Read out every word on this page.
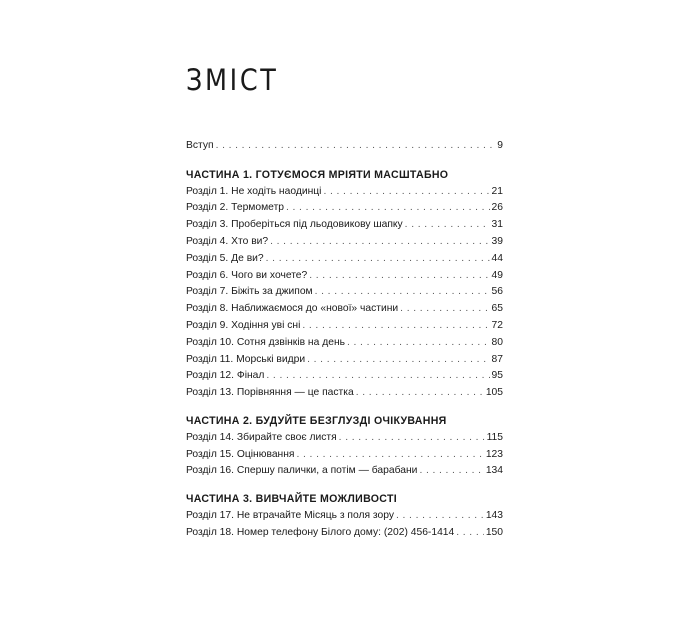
ЗМІСТ
Вступ . . .	9
ЧАСТИНА 1. ГОТУЄМОСЯ МРІЯТИ МАСШТАБНО
Розділ 1. Не ходіть наодинці . . .	21
Розділ 2. Термометр . . .	26
Розділ 3. Проберіться під льодовикову шапку . . .	31
Розділ 4. Хто ви? . . .	39
Розділ 5. Де ви? . . .	44
Розділ 6. Чого ви хочете? . . .	49
Розділ 7. Біжіть за джипом . . .	56
Розділ 8. Наближаємося до «нової» частини . . .	65
Розділ 9. Ходіння уві сні . . .	72
Розділ 10. Сотня дзвінків на день . . .	80
Розділ 11. Морські видри . . .	87
Розділ 12. Фінал . . .	95
Розділ 13. Порівняння — це пастка . . .	105
ЧАСТИНА 2. БУДУЙТЕ БЕЗГЛУЗДІ ОЧІКУВАННЯ
Розділ 14. Збирайте своє листя . . .	115
Розділ 15. Оцінювання . . .	123
Розділ 16. Спершу палички, а потім — барабани . . .	134
ЧАСТИНА 3. ВИВЧАЙТЕ МОЖЛИВОСТІ
Розділ 17. Не втрачайте Місяць з поля зору . . .	143
Розділ 18. Номер телефону Білого дому: (202) 456-1414 . . .	150
